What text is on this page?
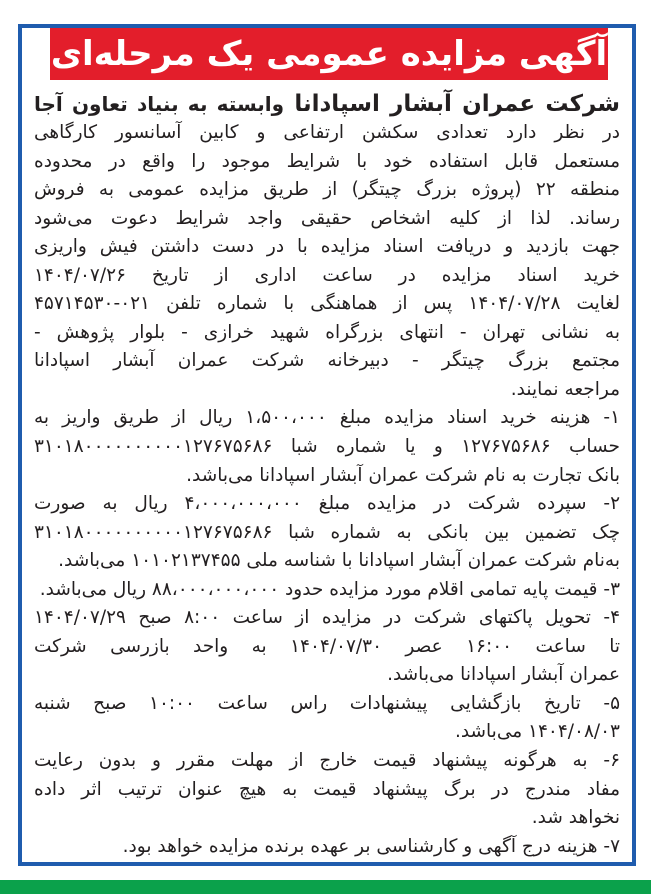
آگهی مزایده عمومی یک مرحله‌ای
شرکت عمران آبشار اسپادانا وابسته به بنیاد تعاون آجا
در نظر دارد تعدادی سکشن ارتفاعی و کابین آسانسور کارگاهی
مستعمل قابل استفاده خود با شرایط موجود را واقع در محدوده
منطقه ۲۲ (پروژه بزرگ چیتگر) از طریق مزایده عمومی به فروش
رساند. لذا از کلیه اشخاص حقیقی واجد شرایط دعوت می‌شود
جهت بازدید و دریافت اسناد مزایده با در دست داشتن فیش واریزی
خرید اسناد مزایده در ساعت اداری از تاریخ ۱۴۰۴/۰۷/۲۶
لغایت ۱۴۰۴/۰۷/۲۸ پس از هماهنگی با شماره تلفن ۰۲۱-۴۵۷۱۴۵۳۰
به نشانی تهران - انتهای بزرگراه شهید خرازی - بلوار پژوهش -
مجتمع بزرگ چیتگر - دبیرخانه شرکت عمران آبشار اسپادانا
مراجعه نمایند.
۱- هزینه خرید اسناد مزایده مبلغ ۱،۵۰۰،۰۰۰ ریال از طریق واریز به
حساب ۱۲۷۶۷۵۶۸۶ و یا شماره شبا ۳۱۰۱۸۰۰۰۰۰۰۰۰۰۰۱۲۷۶۷۵۶۸۶
بانک تجارت به نام شرکت عمران آبشار اسپادانا می‌باشد.
۲- سپرده شرکت در مزایده مبلغ ۴،۰۰۰،۰۰۰،۰۰۰ ریال به صورت
چک تضمین بین بانکی به شماره شبا ۳۱۰۱۸۰۰۰۰۰۰۰۰۰۰۱۲۷۶۷۵۶۸۶
به‌نام شرکت عمران آبشار اسپادانا با شناسه ملی ۱۰۱۰۲۱۳۷۴۵۵ می‌باشد.
۳- قیمت پایه تمامی اقلام مورد مزایده حدود ۸۸،۰۰۰،۰۰۰،۰۰۰ ریال می‌باشد.
۴- تحویل پاکتهای شرکت در مزایده از ساعت ۸:۰۰ صبح ۱۴۰۴/۰۷/۲۹
تا ساعت ۱۶:۰۰ عصر ۱۴۰۴/۰۷/۳۰ به واحد بازرسی شرکت
عمران آبشار اسپادانا می‌باشد.
۵- تاریخ بازگشایی پیشنهادات راس ساعت ۱۰:۰۰ صبح شنبه
۱۴۰۴/۰۸/۰۳ می‌باشد.
۶- به هرگونه پیشنهاد قیمت خارج از مهلت مقرر و بدون رعایت
مفاد مندرج در برگ پیشنهاد قیمت به هیچ عنوان ترتیب اثر داده
نخواهد شد.
۷- هزینه درج آگهی و کارشناسی بر عهده برنده مزایده خواهد بود.
